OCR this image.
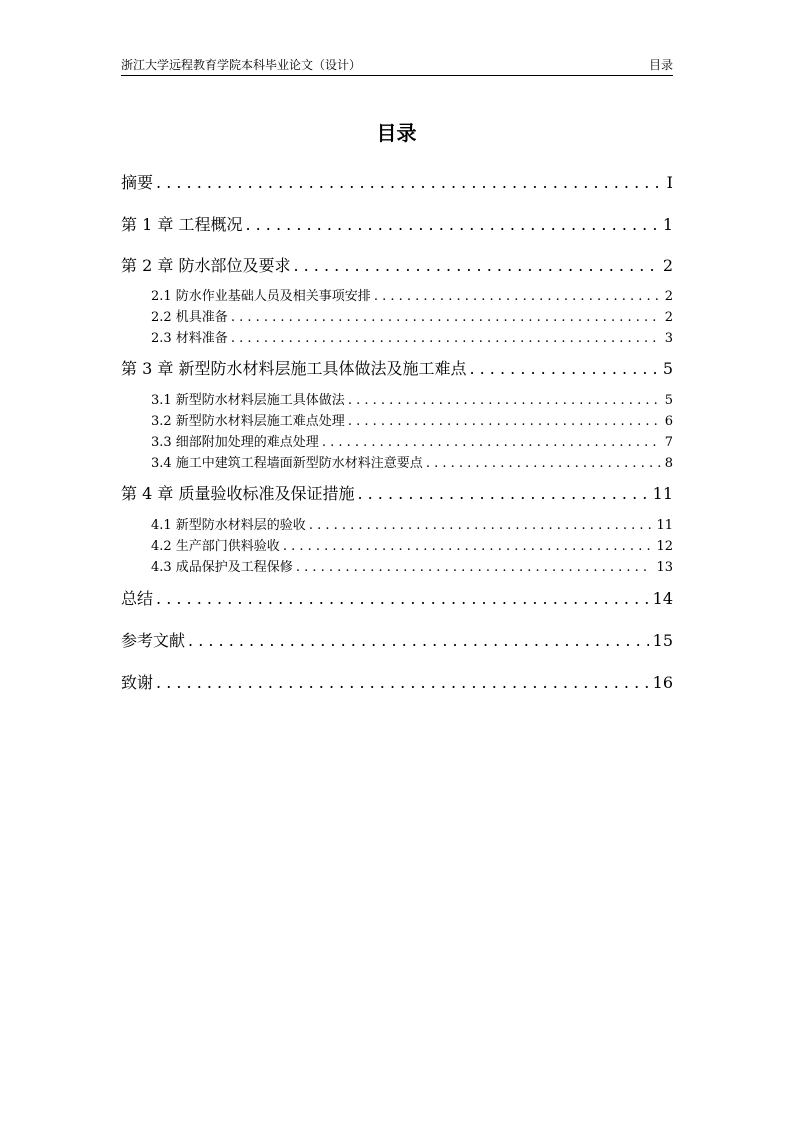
浙江大学远程教育学院本科毕业论文（设计）	目录
目录
摘要 . . .	I
第 1 章 工程概况 . . .	1
第 2 章 防水部位及要求 . . .	2
2.1 防水作业基础人员及相关事项安排 . . .	2
2.2 机具准备 . . .	2
2.3 材料准备 . . .	3
第 3 章 新型防水材料层施工具体做法及施工难点 . . .	5
3.1 新型防水材料层施工具体做法 . . .	5
3.2 新型防水材料层施工难点处理 . . .	6
3.3 细部附加处理的难点处理 . . .	7
3.4 施工中建筑工程墙面新型防水材料注意要点 . . .	8
第 4 章 质量验收标准及保证措施 . . .	11
4.1 新型防水材料层的验收 . . .	11
4.2 生产部门供料验收 . . .	12
4.3 成品保护及工程保修 . . .	13
总结 . . .	14
参考文献 . . .	15
致谢 . . .	16
